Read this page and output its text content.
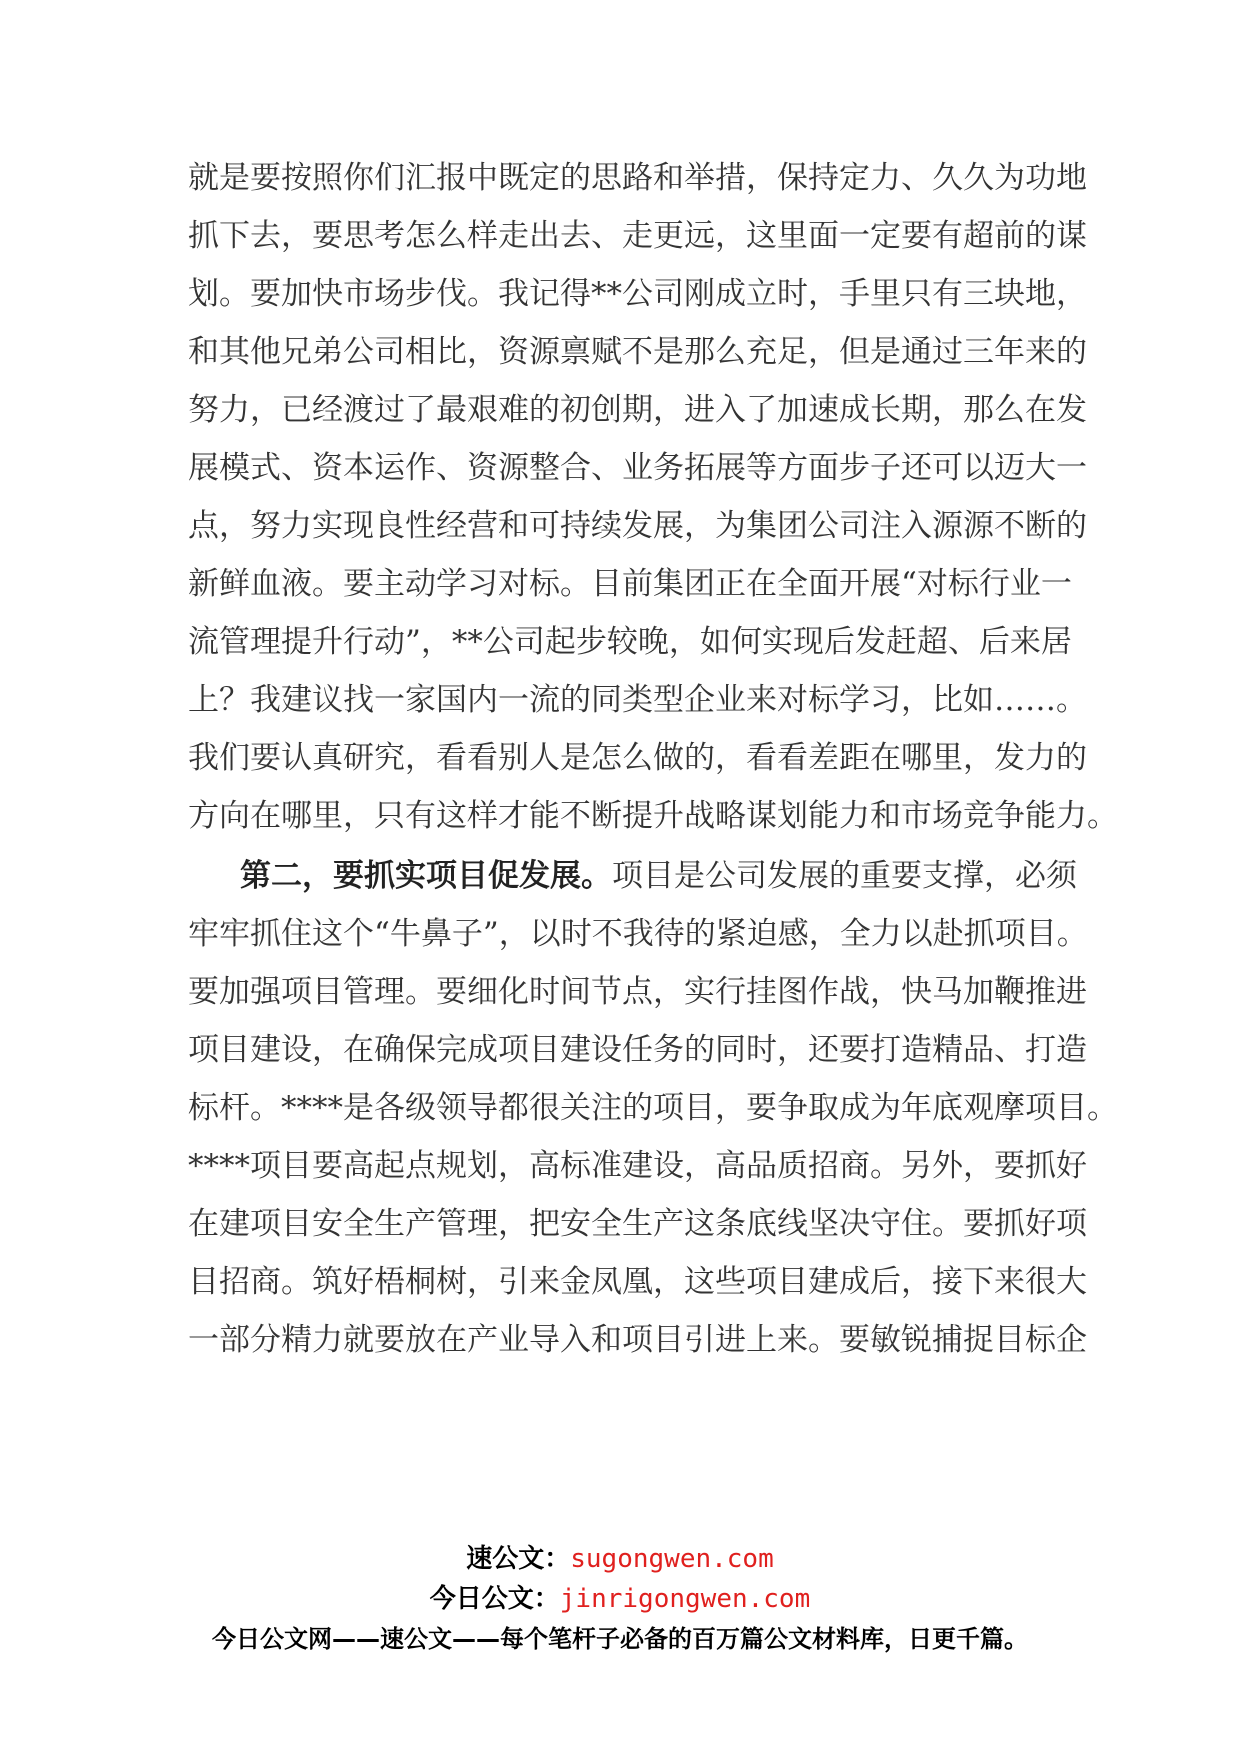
就是要按照你们汇报中既定的思路和举措，保持定力、久久为功地
抓下去，要思考怎么样走出去、走更远，这里面一定要有超前的谋
划。要加快市场步伐。我记得**公司刚成立时，手里只有三块地，
和其他兄弟公司相比，资源禀赋不是那么充足，但是通过三年来的
努力，已经渡过了最艰难的初创期，进入了加速成长期，那么在发
展模式、资本运作、资源整合、业务拓展等方面步子还可以迈大一
点，努力实现良性经营和可持续发展，为集团公司注入源源不断的
新鲜血液。要主动学习对标。目前集团正在全面开展“对标行业一
流管理提升行动”，**公司起步较晚，如何实现后发赶超、后来居
上？我建议找一家国内一流的同类型企业来对标学习，比如……。
我们要认真研究，看看别人是怎么做的，看看差距在哪里，发力的
方向在哪里，只有这样才能不断提升战略谋划能力和市场竞争能力。
第二，要抓实项目促发展。项目是公司发展的重要支撑，必须
牢牢抓住这个“牛鼻子”，以时不我待的紧迫感，全力以赴抓项目。
要加强项目管理。要细化时间节点，实行挂图作战，快马加鞭推进
项目建设，在确保完成项目建设任务的同时，还要打造精品、打造
标杆。****是各级领导都很关注的项目，要争取成为年底观摩项目。
****项目要高起点规划，高标准建设，高品质招商。另外，要抓好
在建项目安全生产管理，把安全生产这条底线坚决守住。要抓好项
目招商。筑好梧桐树，引来金凤凰，这些项目建成后，接下来很大
一部分精力就要放在产业导入和项目引进上来。要敏锐捕捉目标企
速公文：sugongwen.com
今日公文：jinrigongwen.com
今日公文网——速公文——每个笔杆子必备的百万篇公文材料库，日更千篇。
